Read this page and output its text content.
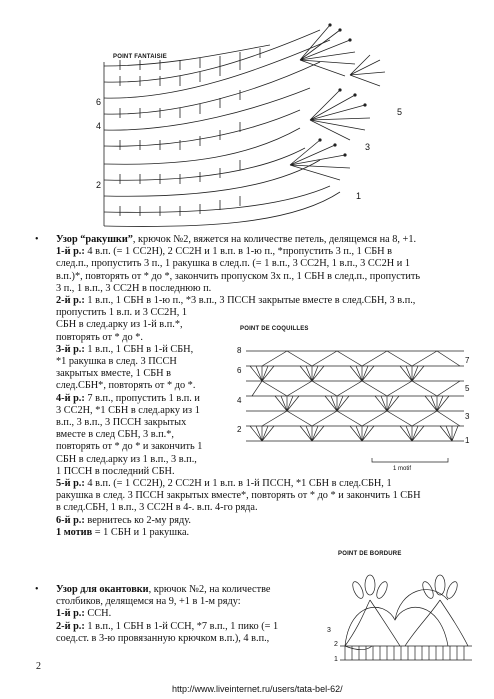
POINT FANTAISIE
6
5
4
3
2
1
• Узор “ракушки”, крючок №2, вяжется на количестве петель, делящемся на 8, +1.

1-й р.: 4 в.п. (= 1 СС2Н), 2 СС2Н и 1 в.п. в 1-ю п., *пропустить 3 п., 1 СБН в

след.п., пропустить 3 п., 1 ракушка в след.п. (= 1 в.п., 3 СС2Н, 1 в.п., 3 СС2Н и 1

в.п.)*, повторять от * до *, закончить пропуском 3х п., 1 СБН в след.п., пропустить

3 п., 1 в.п., 3 СС2Н в последнюю п.

2-й р.: 1 в.п., 1 СБН в 1-ю п., *3 в.п., 3 ПССН закрытые вместе в след.СБН, 3 в.п.,

пропустить 1 в.п. и 3 СС2Н, 1

СБН в след.арку из 1-й в.п.*,

повторять от * до *.

3-й р.: 1 в.п., 1 СБН в 1-й СБН,

*1 ракушка в след. 3 ПССН

закрытых вместе, 1 СБН в

след.СБН*, повторять от * до *.

4-й р.: 7 в.п., пропустить 1 в.п. и

3 СС2Н, *1 СБН в след.арку из 1

в.п., 3 в.п., 3 ПССН закрытых

вместе в след СБН, 3 в.п.*,

повторять от * до * и закончить 1

СБН в след.арку из 1 в.п., 3 в.п.,

1 ПССН в последний СБН.

5-й р.: 4 в.п. (= 1 СС2Н), 2 СС2Н и 1 в.п. в 1-й ПССН, *1 СБН в след.СБН, 1

ракушка в след. 3 ПССН закрытых вместе*, повторять от * до * и закончить 1 СБН

в след.СБН, 1 в.п., 3 СС2Н в 4-. в.п. 4-го ряда.

6-й р.: вернитесь ко 2-му ряду.

1 мотив = 1 СБН и 1 ракушка.

POINT DE COQUILLES
8
7
6
5
4
3
2
1
1 motif
POINT DE BORDURE
3
2
1
• Узор для окантовки, крючок №2, на количестве

столбиков, делящемся на 9, +1 в 1-м ряду:

1-й р.: ССН.

2-й р.: 1 в.п., 1 СБН в 1-й ССН, *7 в.п., 1 пико (= 1

соед.ст. в 3-ю провязанную крючком в.п.), 4 в.п.,

2
http://www.liveinternet.ru/users/tata-bel-62/
